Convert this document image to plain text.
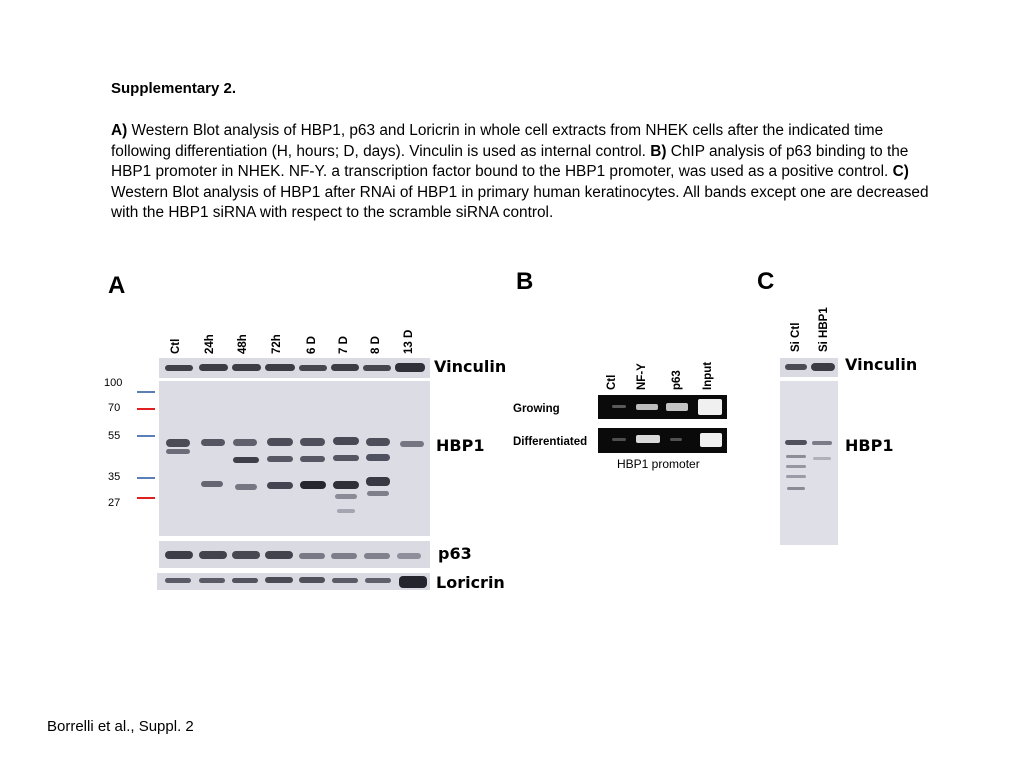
Supplementary 2.
A) Western Blot analysis of HBP1, p63 and Loricrin in whole cell extracts from NHEK cells after the indicated time following differentiation (H, hours; D, days). Vinculin is used as internal control. B) ChIP analysis of p63 binding to the HBP1 promoter in NHEK. NF-Y. a transcription factor bound to the HBP1 promoter, was used as a positive control. C) Western Blot analysis of HBP1 after RNAi of HBP1 in primary human keratinocytes. All bands except one are decreased with the HBP1 siRNA with respect to the scramble siRNA control.
A
Ctl 24h 48h 72h 6 D 7 D 8 D 13 D
Vinculin
100
70
55
35
27
HBP1
p63
Loricrin
B
Ctl NF-Y p63 Input
Growing
Differentiated
HBP1 promoter
C
Si Ctl Si HBP1
Vinculin
HBP1
Borrelli et al., Suppl. 2
